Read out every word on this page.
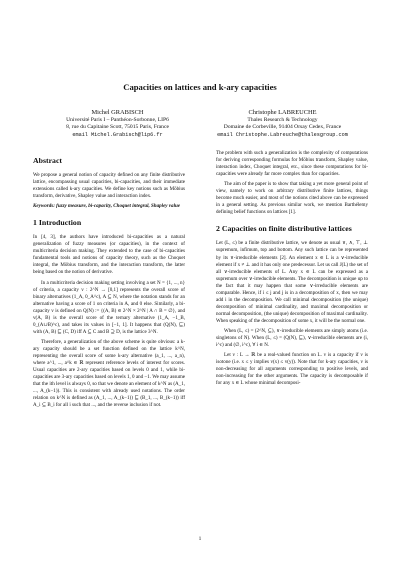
Capacities on lattices and k-ary capacities
Michel GRABISCH
Université Paris I – Panthéon-Sorbonne, LIP6
8, rue du Capitaine Scott, 75015 Paris, France
email Michel.Grabisch@lip6.fr
Christophe LABREUCHE
Thales Research & Technology
Domaine de Corbeville, 91404 Orsay Cedex, France
email Christophe.Labreuche@thalesgroup.com
Abstract

We propose a general notion of capacity defined on any finite distributive lattice, encompassing usual capacities, bi-capacities, and their immediate extensions called k-ary capacities. We define key notions such as Möbius transform, derivative, Shapley value and interaction index.

Keywords: fuzzy measure, bi-capacity, Choquet integral, Shapley value

1 Introduction

In [4, 3], the authors have introduced bi-capacities as a natural generalization of fuzzy measures (or capacities), in the context of multicriteria decision making. They extended to the case of bi-capacities fundamental tools and notions of capacity theory, such as the Choquet integral, the Möbius transform, and the interaction transform, the latter being based on the notion of derivative.

In a multicriteria decision making setting involving a set N = {1, ..., n} of criteria, a capacity v : 2^N → [0,1] represents the overall score of binary alternatives (1_A, 0_A^c), A ⊆ N, where the notation stands for an alternative having a score of 1 on criteria in A, and 0 else. Similarly, a bi-capacity v is defined on Q(N) := {(A, B) ∈ 2^N × 2^N | A ∩ B = ∅}, and v(A, B) is the overall score of the ternary alternative (1_A, −1_B, 0_(A∪B)^c), and takes its values in [−1, 1]. It happens that (Q(N), ⊑) with (A, B) ⊑ (C, D) iff A ⊆ C and B ⊇ D, is the lattice 3^N.

Therefore, a generalization of the above scheme is quite obvious: a k-ary capacity should be a set function defined on the lattice k^N, representing the overall score of some k-ary alternative (a_1, ..., a_n), where a^1, ..., a^k ∈ ℝ represent reference levels of interest for scores. Usual capacities are 2-ary capacities based on levels 0 and 1, while bi-capacities are 3-ary capacities based on levels 1, 0 and −1. We may assume that the ith level is always 0, so that we denote an element of k^N as (A_1, ..., A_(k−1)). This is consistent with already used notations. The order relation on k^N is defined as (A_1, ..., A_(k−1)) ⊑ (B_1, ..., B_(k−1)) iff A_i ⊆ B_i for all i such that ..., and the reverse inclusion if not.

The problem with such a generalization is the complexity of computations for deriving corresponding formulas for Möbius transform, Shapley value, interaction index, Choquet integral, etc., since these computations for bi-capacities were already far more complex than for capacities.

The aim of the paper is to show that taking a yet more general point of view, namely to work on arbitrary distributive finite lattices, things become much easier, and most of the notions cited above can be expressed in a general setting. As previous similar work, we mention Barthélemy defining belief functions on lattices [1].

2 Capacities on finite distributive lattices

Let (L, ≤) be a finite distributive lattice, we denote as usual ∨, ∧, ⊤, ⊥ supremum, infimum, top and bottom. Any such lattice can be represented by its ∨-irreducible elements [2]. An element x ∈ L is a ∨-irreducible element if x ≠ ⊥ and it has only one predecessor. Let us call J(L) the set of all ∨-irreducible elements of L. Any x ∈ L can be expressed as a supremum over ∨-irreducible elements. The decomposition is unique up to the fact that it may happen that some ∨-irreducible elements are comparable. Hence, if i ≤ j and j is in a decomposition of x, then we may add i in the decomposition. We call minimal decomposition (the unique) decomposition of minimal cardinality, and maximal decomposition or normal decomposition, (the unique) decomposition of maximal cardinality. When speaking of the decomposition of some x, it will be the normal one.

When (L, ≤) = (2^N, ⊆), ∨-irreducible elements are simply atoms (i.e. singletons of N). When (L, ≤) = (Q(N), ⊑), ∨-irreducible elements are (i, i^c) and (∅, i^c), ∀ i ∈ N.

Let v : L → ℝ be a real-valued function on L. v is a capacity if v is isotone (i.e. x ≤ y implies v(x) ≤ v(y)). Note that for k-ary capacities, v is non-decreasing for all arguments corresponding to positive levels, and non-increasing for the other arguments. The capacity is decomposable if for any x ∈ L whose minimal decomposi-

1
